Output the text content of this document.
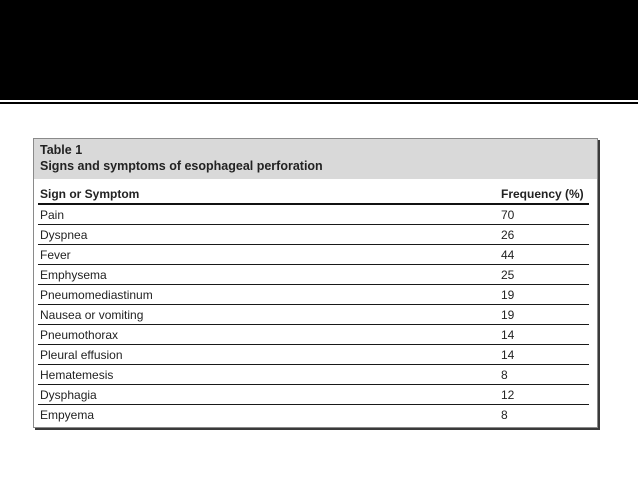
Table 1
Signs and symptoms of esophageal perforation
Sign or Symptom	Frequency (%)
Pain	70
Dyspnea	26
Fever	44
Emphysema	25
Pneumomediastinum	19
Nausea or vomiting	19
Pneumothorax	14
Pleural effusion	14
Hematemesis	8
Dysphagia	12
Empyema	8
